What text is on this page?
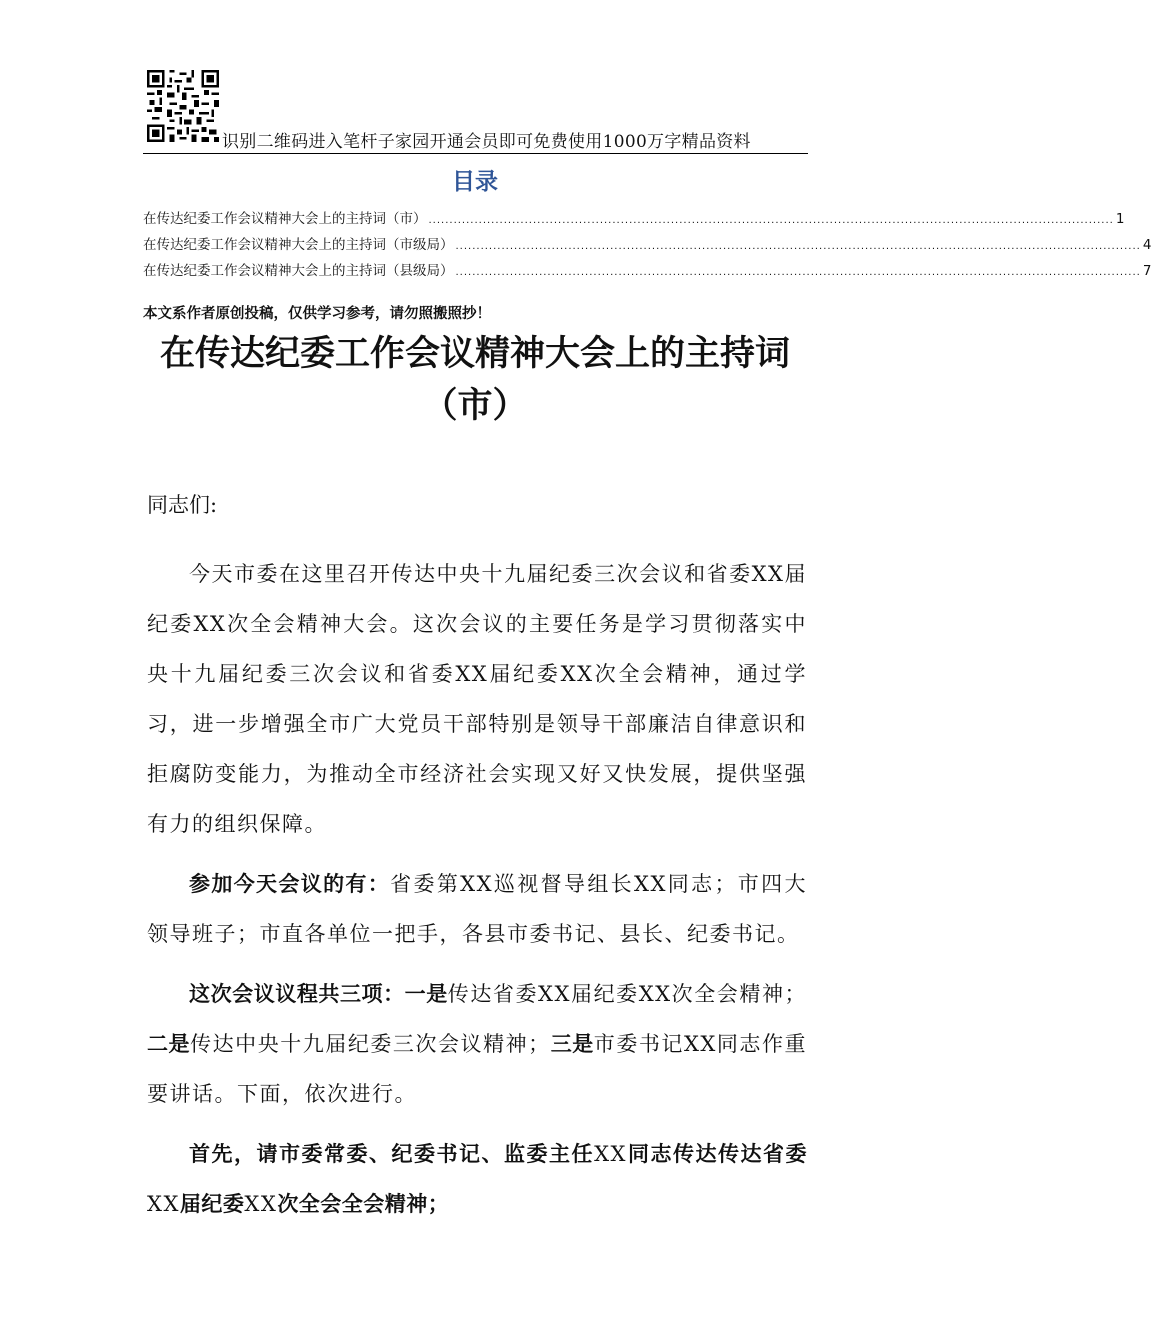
识别二维码进入笔杆子家园开通会员即可免费使用1000万字精品资料
目录
在传达纪委工作会议精神大会上的主持词（市） .................................................................................................................................................................... 1
在传达纪委工作会议精神大会上的主持词（市级局） .................................................................................................................................................................... 4
在传达纪委工作会议精神大会上的主持词（县级局） .................................................................................................................................................................... 7
本文系作者原创投稿，仅供学习参考，请勿照搬照抄！
在传达纪委工作会议精神大会上的主持词
（市）

同志们:

今天市委在这里召开传达中央十九届纪委三次会议和省委XX届纪委XX次全会精神大会。这次会议的主要任务是学习贯彻落实中央十九届纪委三次会议和省委XX届纪委XX次全会精神，通过学习，进一步增强全市广大党员干部特别是领导干部廉洁自律意识和拒腐防变能力，为推动全市经济社会实现又好又快发展，提供坚强有力的组织保障。

参加今天会议的有：省委第XX巡视督导组长XX同志；市四大领导班子；市直各单位一把手，各县市委书记、县长、纪委书记。

这次会议议程共三项：一是传达省委XX届纪委XX次全会精神；二是传达中央十九届纪委三次会议精神；三是市委书记XX同志作重要讲话。下面，依次进行。

首先，请市委常委、纪委书记、监委主任XX同志传达传达省委XX届纪委XX次全会全会精神；
